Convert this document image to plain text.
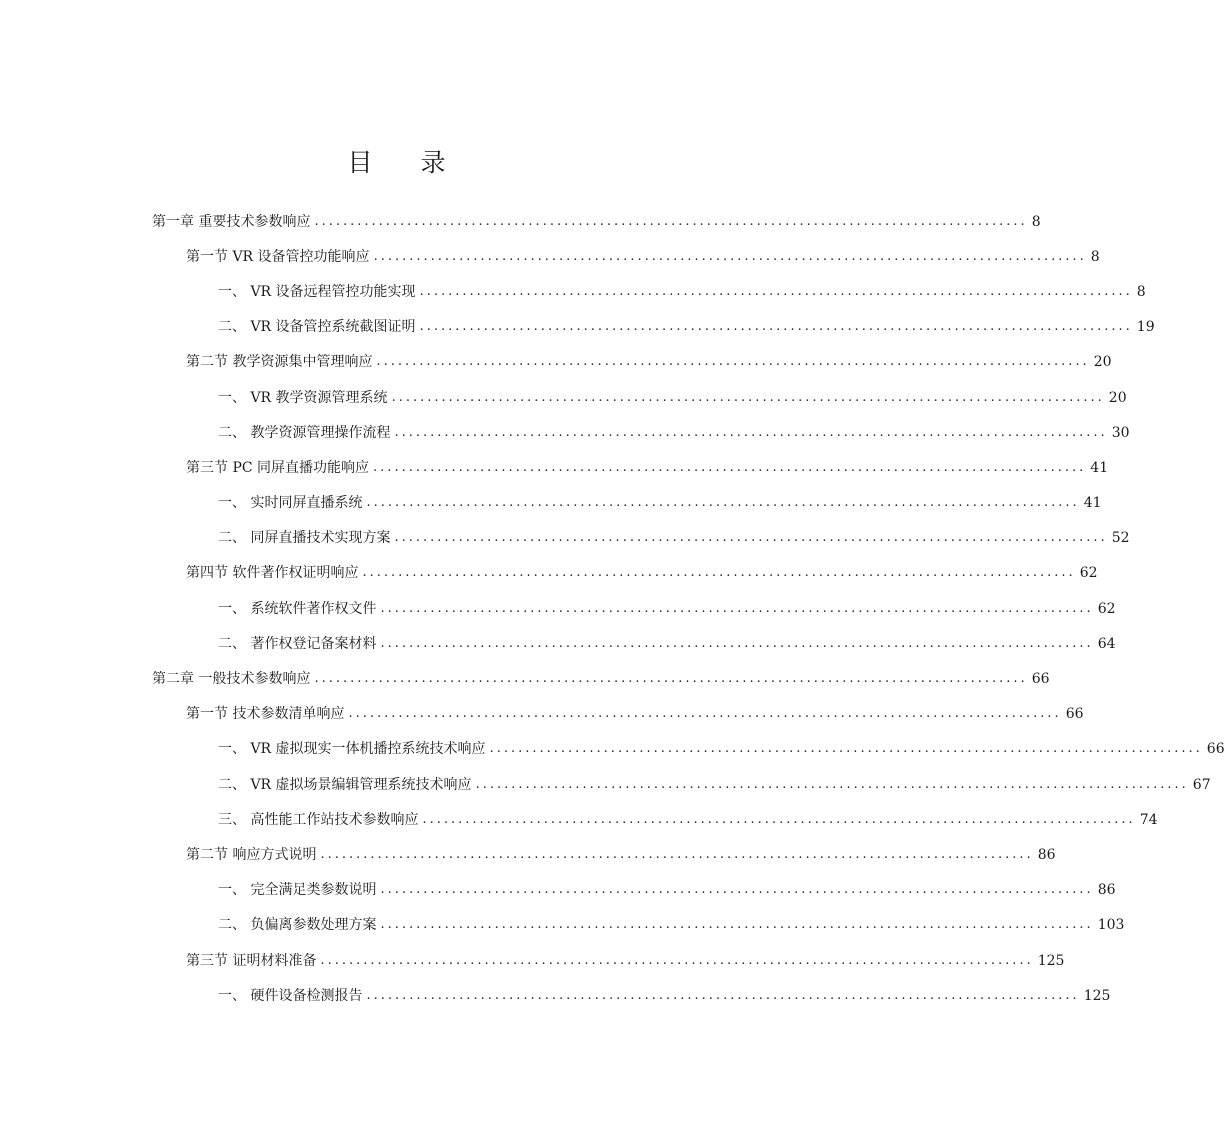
目 录
第一章 重要技术参数响应 .................................................................................................... 8
第一节 VR 设备管控功能响应 .................................................................................................... 8
一、 VR 设备远程管控功能实现 .................................................................................................... 8
二、 VR 设备管控系统截图证明 .................................................................................................... 19
第二节 教学资源集中管理响应 .................................................................................................... 20
一、 VR 教学资源管理系统 .................................................................................................... 20
二、 教学资源管理操作流程 .................................................................................................... 30
第三节 PC 同屏直播功能响应 .................................................................................................... 41
一、 实时同屏直播系统 .................................................................................................... 41
二、 同屏直播技术实现方案 .................................................................................................... 52
第四节 软件著作权证明响应 .................................................................................................... 62
一、 系统软件著作权文件 .................................................................................................... 62
二、 著作权登记备案材料 .................................................................................................... 64
第二章 一般技术参数响应 .................................................................................................... 66
第一节 技术参数清单响应 .................................................................................................... 66
一、 VR 虚拟现实一体机播控系统技术响应 .................................................................................................... 66
二、 VR 虚拟场景编辑管理系统技术响应 .................................................................................................... 67
三、 高性能工作站技术参数响应 .................................................................................................... 74
第二节 响应方式说明 .................................................................................................... 86
一、 完全满足类参数说明 .................................................................................................... 86
二、 负偏离参数处理方案 .................................................................................................... 103
第三节 证明材料准备 .................................................................................................... 125
一、 硬件设备检测报告 .................................................................................................... 125
